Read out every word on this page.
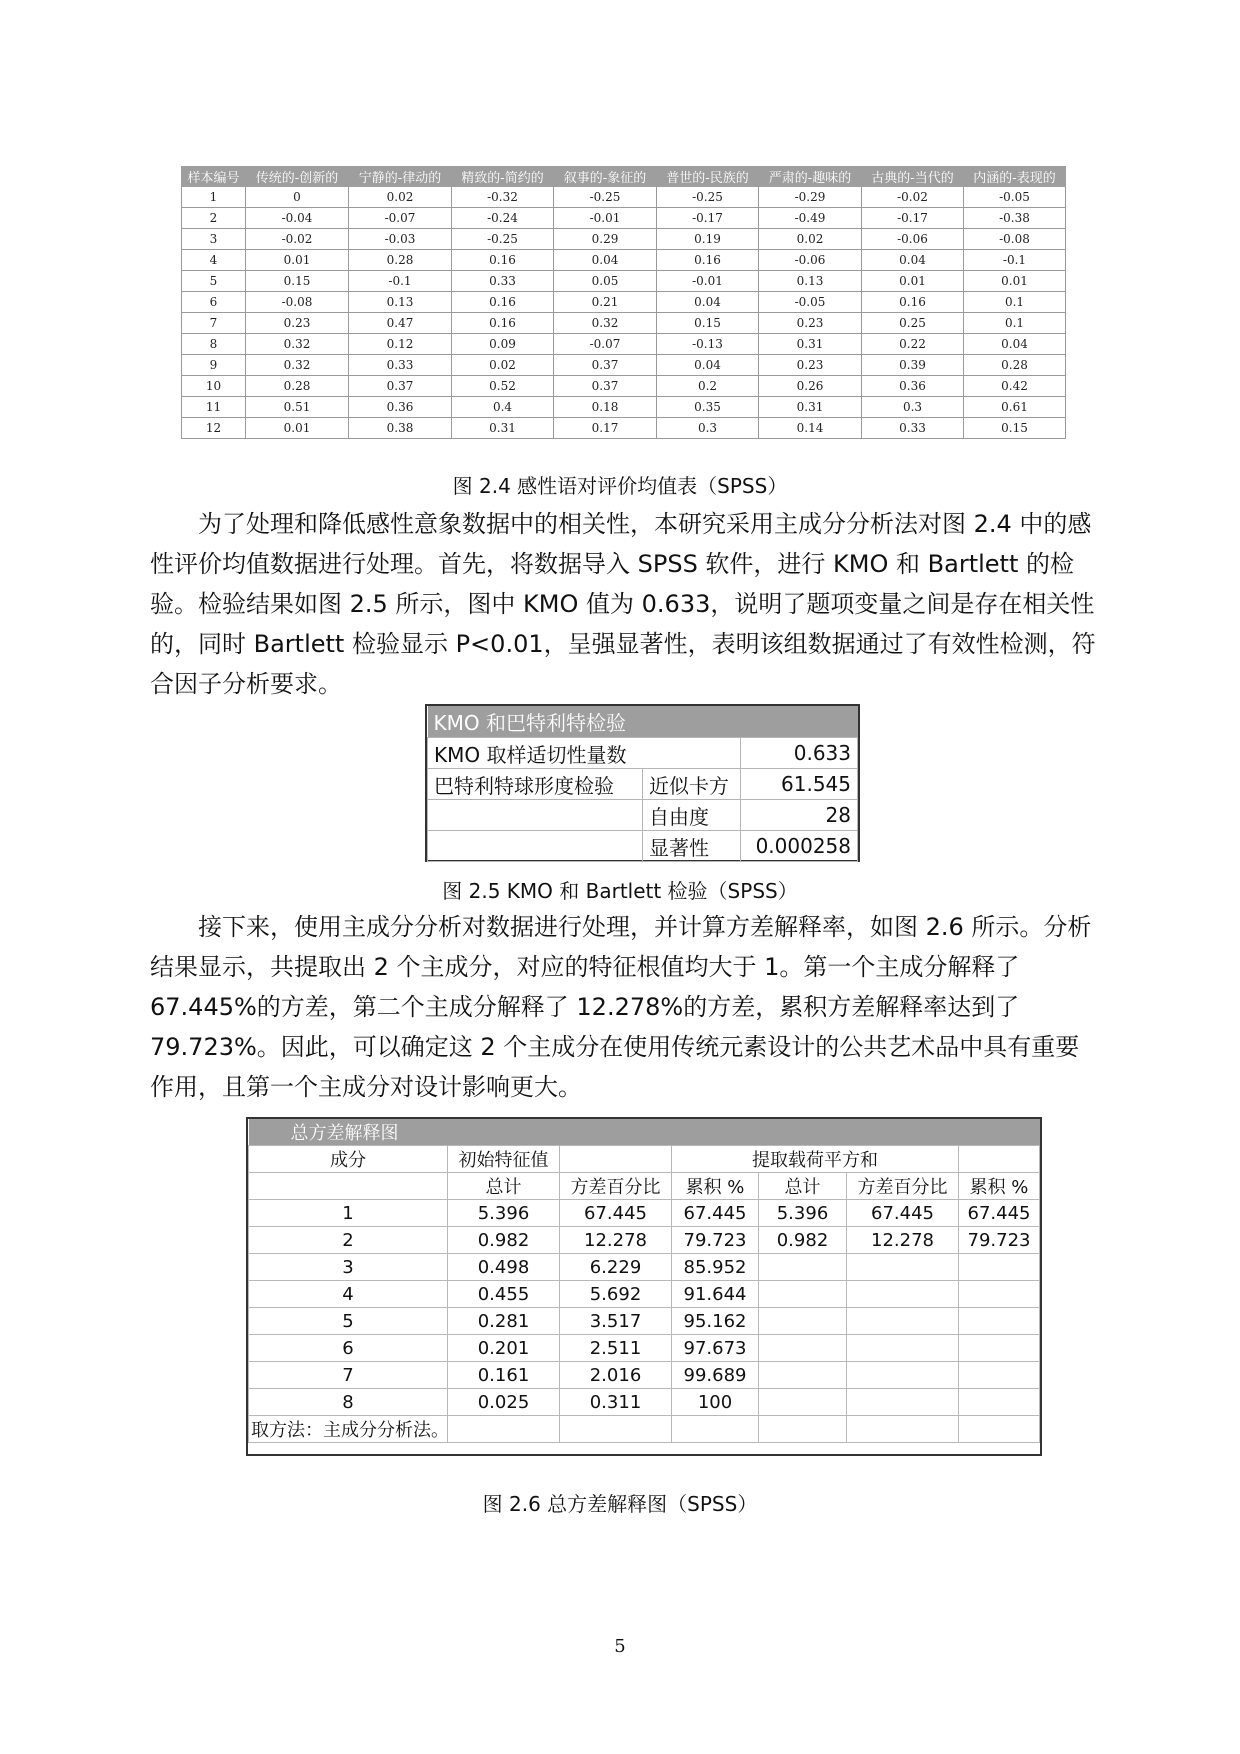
样本编号	传统的-创新的	宁静的-律动的	精致的-简约的	叙事的-象征的	普世的-民族的	严肃的-趣味的	古典的-当代的	内涵的-表现的
1	0	0.02	-0.32	-0.25	-0.25	-0.29	-0.02	-0.05
2	-0.04	-0.07	-0.24	-0.01	-0.17	-0.49	-0.17	-0.38
3	-0.02	-0.03	-0.25	0.29	0.19	0.02	-0.06	-0.08
4	0.01	0.28	0.16	0.04	0.16	-0.06	0.04	-0.1
5	0.15	-0.1	0.33	0.05	-0.01	0.13	0.01	0.01
6	-0.08	0.13	0.16	0.21	0.04	-0.05	0.16	0.1
7	0.23	0.47	0.16	0.32	0.15	0.23	0.25	0.1
8	0.32	0.12	0.09	-0.07	-0.13	0.31	0.22	0.04
9	0.32	0.33	0.02	0.37	0.04	0.23	0.39	0.28
10	0.28	0.37	0.52	0.37	0.2	0.26	0.36	0.42
11	0.51	0.36	0.4	0.18	0.35	0.31	0.3	0.61
12	0.01	0.38	0.31	0.17	0.3	0.14	0.33	0.15
图 2.4 感性语对评价均值表（SPSS）
为了处理和降低感性意象数据中的相关性，本研究采用主成分分析法对图 2.4 中的感性评价均值数据进行处理。首先，将数据导入 SPSS 软件，进行 KMO 和 Bartlett 的检验。检验结果如图 2.5 所示，图中 KMO 值为 0.633，说明了题项变量之间是存在相关性的，同时 Bartlett 检验显示 P<0.01，呈强显著性，表明该组数据通过了有效性检测，符合因子分析要求。
KMO 和巴特利特检验		
KMO 取样适切性量数		0.633
巴特利特球形度检验	近似卡方	61.545
	自由度	28
	显著性	0.000258
图 2.5 KMO 和 Bartlett 检验（SPSS）
接下来，使用主成分分析对数据进行处理，并计算方差解释率，如图 2.6 所示。分析结果显示，共提取出 2 个主成分，对应的特征根值均大于 1。第一个主成分解释了 67.445%的方差，第二个主成分解释了 12.278%的方差，累积方差解释率达到了 79.723%。因此，可以确定这 2 个主成分在使用传统元素设计的公共艺术品中具有重要作用，且第一个主成分对设计影响更大。
总方差解释图						
成分	初始特征值		提取载荷平方和			
	总计	方差百分比	累积 %	总计	方差百分比	累积 %
1	5.396	67.445	67.445	5.396	67.445	67.445
2	0.982	12.278	79.723	0.982	12.278	79.723
3	0.498	6.229	85.952			
4	0.455	5.692	91.644			
5	0.281	3.517	95.162			
6	0.201	2.511	97.673			
7	0.161	2.016	99.689			
8	0.025	0.311	100			
取方法：主成分分析法。						
图 2.6 总方差解释图（SPSS）
5
